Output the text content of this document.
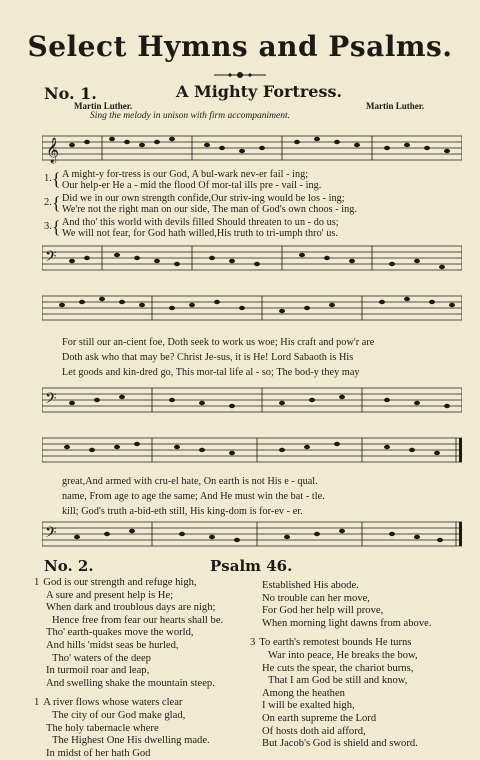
Select Hymns and Psalms.
No. 1.	A Mighty Fortress.
Martin Luther.	Martin Luther.
Sing the melody in unison with firm accompaniment.
𝄞
1. { A might-y for-tress is our God, A bul-wark nev-er fail - ing;
Our help-er He a - mid the flood Of mor-tal ills pre - vail - ing.
2. { Did we in our own strength confide,Our striv-ing would be los - ing;
We're not the right man on our side, The man of God's own choos - ing.
3. { And tho' this world with devils filled Should threaten to un - do us;
We will not fear, for God hath willed,His truth to tri-umph thro' us.
𝄢
For still our an-cient foe, Doth seek to work us woe; His craft and pow'r are
Doth ask who that may be? Christ Je-sus, it is He! Lord Sabaoth is His
Let goods and kin-dred go, This mor-tal life al - so; The bod-y they may
𝄢
great,And armed with cru-el hate, On earth is not His e - qual.
name, From age to age the same; And He must win the bat - tle.
kill; God's truth a-bid-eth still, His king-dom is for-ev - er.
𝄢
No. 2.	Psalm 46.
1 God is our strength and refuge high,
A sure and present help is He;
When dark and troublous days are nigh;
Hence free from fear our hearts shall be.
Tho' earth-quakes move the world,
And hills 'midst seas be hurled,
Tho' waters of the deep
In turmoil roar and leap,
And swelling shake the mountain steep.
1 A river flows whose waters clear
The city of our God make glad,
The holy tabernacle where
The Highest One His dwelling made.
In midst of her hath God
Established His abode.
No trouble can her move,
For God her help will prove,
When morning light dawns from above.
3 To earth's remotest bounds He turns
War into peace, He breaks the bow,
He cuts the spear, the chariot burns,
That I am God be still and know,
Among the heathen
I will be exalted high,
On earth supreme the Lord
Of hosts doth aid afford,
But Jacob's God is shield and sword.
